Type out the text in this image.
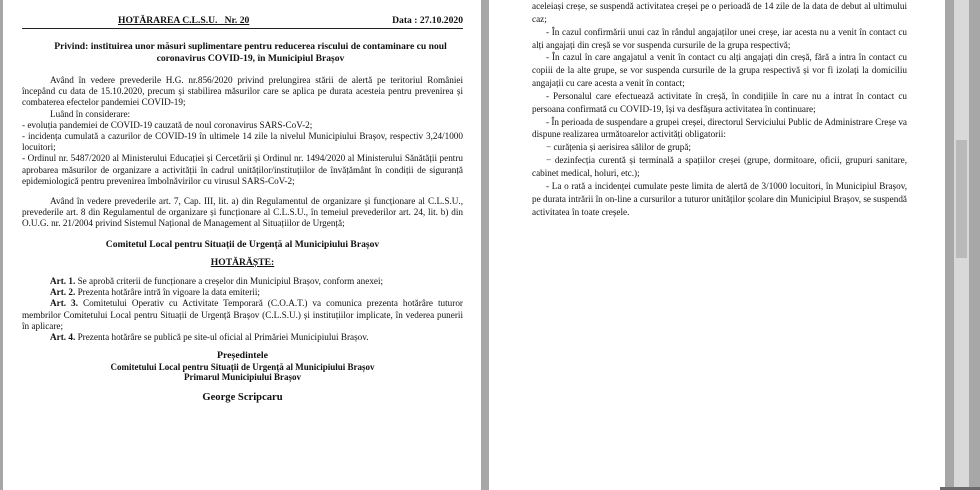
HOTĂRAREA C.L.S.U.   Nr. 20	Data : 27.10.2020
Privind: instituirea unor măsuri suplimentare pentru reducerea riscului de contaminare cu noul coronavirus COVID-19, în Municipiul Brașov

Avȃnd în vedere prevederile H.G. nr.856/2020 privind prelungirea stării de alertă pe teritoriul Romȃniei începȃnd cu data de 15.10.2020, precum și stabilirea măsurilor care se aplica pe durata acesteia pentru prevenirea și combaterea efectelor pandemiei COVID-19;

Luȃnd în considerare:

- evoluția pandemiei de COVID-19 cauzată de noul coronavirus SARS-CoV-2;

- incidența cumulată a cazurilor de COVID-19 în ultimele 14 zile la nivelul Municipiului Brașov, respectiv 3,24/1000 locuitori;

- Ordinul nr. 5487/2020 al Ministerului Educației și Cercetării și Ordinul nr. 1494/2020 al Ministerului Sănătății pentru aprobarea măsurilor de organizare a activității în cadrul unităților/instituțiilor de învățămȃnt în condiții de siguranță epidemiologică pentru prevenirea îmbolnăvirilor cu virusul SARS-CoV-2;

Avȃnd în vedere prevederile art. 7, Cap. III, lit. a) din Regulamentul de organizare și funcționare al C.L.S.U., prevederile art. 8 din Regulamentul de organizare și funcționare al C.L.S.U., în temeiul prevederilor art. 24, lit. b) din O.U.G. nr. 21/2004 privind Sistemul Național de Management al Situațiilor de Urgență;

Comitetul Local pentru Situații de Urgență al Municipiului Brașov

HOTĂRĂȘTE:

Art. 1. Se aprobă criterii de funcționare a creșelor din Municipiul Brașov, conform anexei;

Art. 2. Prezenta hotărȃre intră în vigoare la data emiterii;

Art. 3. Comitetului Operativ cu Activitate Temporară (C.O.A.T.) va comunica prezenta hotărȃre tuturor membrilor Comitetului Local pentru Situații de Urgență Brașov (C.L.S.U.) și instituțiilor implicate, în vederea punerii în aplicare;

Art. 4. Prezenta hotărȃre se publică pe site-ul oficial al Primăriei Municipiului Brașov.

Președintele
Comitetului Local pentru Situații de Urgență al Municipiului Brașov
Primarul Municipiului Brașov
George Scripcaru

aceleiași creșe, se suspendă activitatea creșei pe o perioadă de 14 zile de la data de debut al ultimului caz;

- În cazul confirmării unui caz în rȃndul angajaților unei creșe, iar acesta nu a venit în contact cu alți angajați din creșă se vor suspenda cursurile de la grupa respectivă;

- În cazul în care angajatul a venit în contact cu alți angajați din creșă, fără a intra în contact cu copiii de la alte grupe, se vor suspenda cursurile de la grupa respectivă și vor fi izolați la domiciliu angajații cu care acesta a venit în contact;

- Personalul care efectuează activitate în creșă, în condițiile în care nu a intrat în contact cu persoana confirmată cu COVID-19, își va desfășura activitatea în continuare;

- În perioada de suspendare a grupei creșei, directorul Serviciului Public de Administrare Creșe va dispune realizarea următoarelor activități obligatorii:

− curățenia și aerisirea sălilor de grupă;

− dezinfecția curentă și terminală a spațiilor creșei (grupe, dormitoare, oficii, grupuri sanitare, cabinet medical, holuri, etc.);

- La o rată a incidenței cumulate peste limita de alertă de 3/1000 locuitori, în Municipiul Brașov, pe durata intrării în on-line a cursurilor a tuturor unităților școlare din Municipiul Brașov, se suspendă activitatea în toate creșele.
